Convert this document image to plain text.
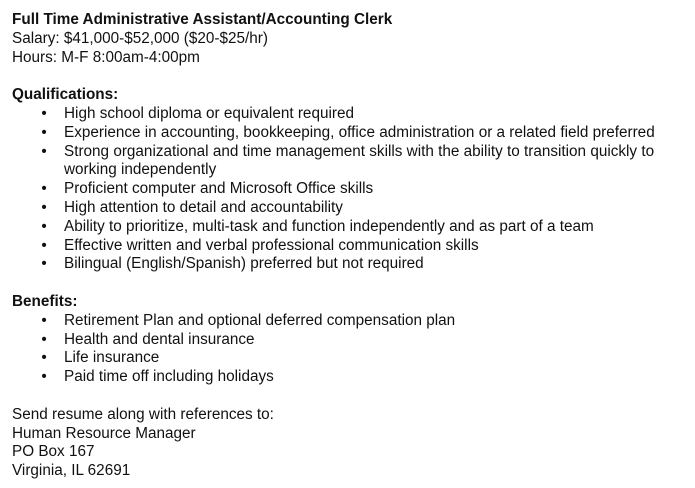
Full Time Administrative Assistant/Accounting Clerk
Salary: $41,000-$52,000 ($20-$25/hr)
Hours: M-F 8:00am-4:00pm
Qualifications:
•	High school diploma or equivalent required
•	Experience in accounting, bookkeeping, office administration or a related field preferred
•	Strong organizational and time management skills with the ability to transition quickly to working independently
•	Proficient computer and Microsoft Office skills
•	High attention to detail and accountability
•	Ability to prioritize, multi-task and function independently and as part of a team
•	Effective written and verbal professional communication skills
•	Bilingual (English/Spanish) preferred but not required
Benefits:
•	Retirement Plan and optional deferred compensation plan
•	Health and dental insurance
•	Life insurance
•	Paid time off including holidays
Send resume along with references to:
Human Resource Manager
PO Box 167
Virginia, IL 62691
